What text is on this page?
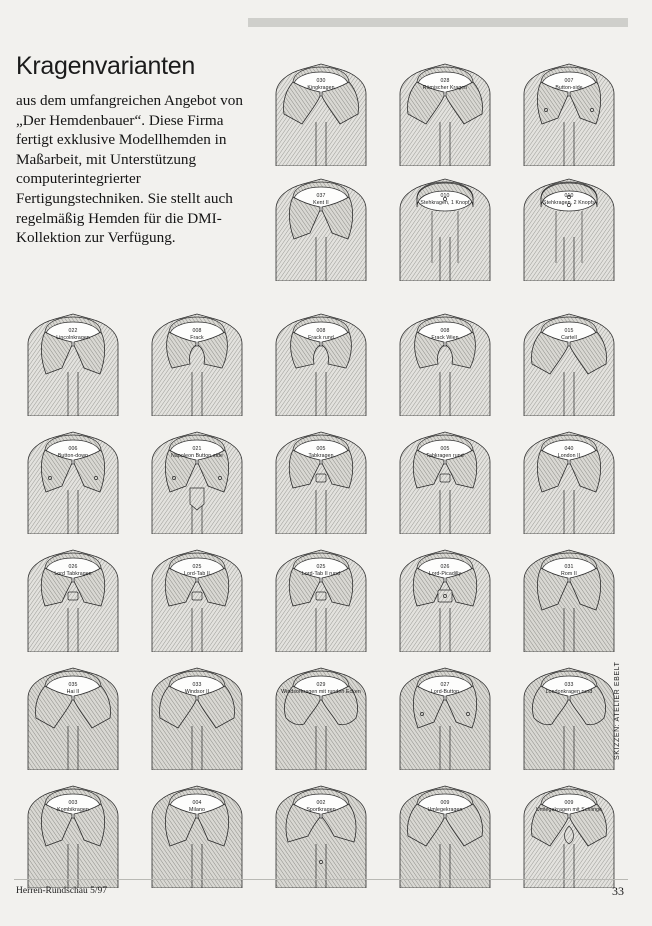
Kragenvarianten

aus dem umfangreichen Angebot von „Der Hemdenbauer“. Diese Firma fertigt exklusive Modellhemden in Maßarbeit, mit Unterstützung computerintegrierter Fertigungstechniken. Sie stellt auch regelmäßig Hemden für die DMI-Kollektion zur Verfügung.

030
Kingkragen
028
Römischer Kragen
007
Button-side
037
Kent II
010
Stehkragen, 1 Knopf
010
Stehkragen, 2 Knopfs
022
Lincolnkragen
008
Frack
008
Frack rund
008
Frack Wien
015
Cartell
006
Button-down
021
Napoleon Button-side
005
Tabkragen
005
Tabkragen rund
040
London II
026
Lord Tabkragen
025
Lord-Tab II
025
Lord-Tab II rund
026
Lord-Picadilly
031
Rom II
035
Hai II
033
Windsor II
029
Windsorkragen mit runden Ecken
027
Lord-Button
033
Londonkragen rund
003
Kombikragen
004
Milano
002
Sportkragen
009
Umlegekragen
009
Umlegekragen mit Schlinge
Herren-Rundschau 5/97	33
SKIZZEN: ATELIER EBELT
